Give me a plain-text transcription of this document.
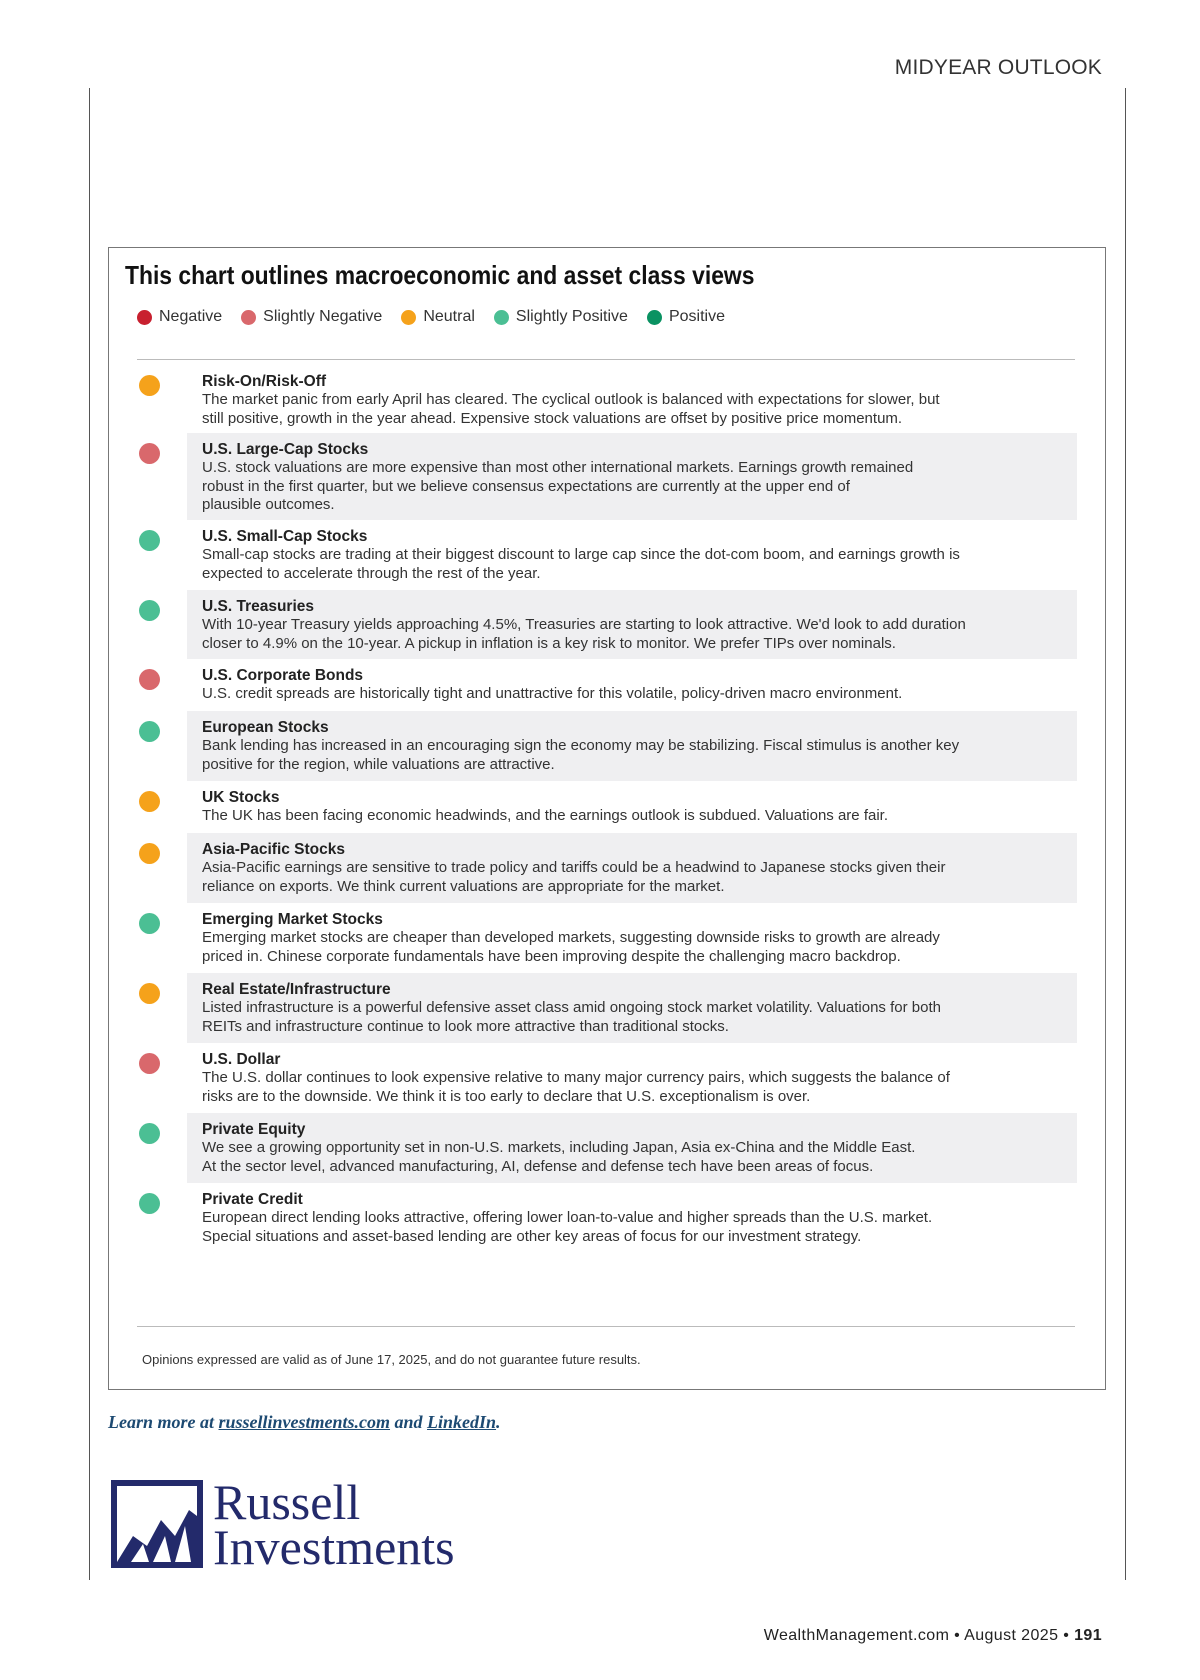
MIDYEAR OUTLOOK
This chart outlines macroeconomic and asset class views
Negative	Slightly Negative	Neutral	Slightly Positive	Positive
Risk-On/Risk-Off
The market panic from early April has cleared. The cyclical outlook is balanced with expectations for slower, but
still positive, growth in the year ahead. Expensive stock valuations are offset by positive price momentum.
U.S. Large-Cap Stocks
U.S. stock valuations are more expensive than most other international markets. Earnings growth remained
robust in the first quarter, but we believe consensus expectations are currently at the upper end of
plausible outcomes.
U.S. Small-Cap Stocks
Small-cap stocks are trading at their biggest discount to large cap since the dot-com boom, and earnings growth is
expected to accelerate through the rest of the year.
U.S. Treasuries
With 10-year Treasury yields approaching 4.5%, Treasuries are starting to look attractive. We'd look to add duration
closer to 4.9% on the 10-year. A pickup in inflation is a key risk to monitor. We prefer TIPs over nominals.
U.S. Corporate Bonds
U.S. credit spreads are historically tight and unattractive for this volatile, policy-driven macro environment.
European Stocks
Bank lending has increased in an encouraging sign the economy may be stabilizing. Fiscal stimulus is another key
positive for the region, while valuations are attractive.
UK Stocks
The UK has been facing economic headwinds, and the earnings outlook is subdued. Valuations are fair.
Asia-Pacific Stocks
Asia-Pacific earnings are sensitive to trade policy and tariffs could be a headwind to Japanese stocks given their
reliance on exports. We think current valuations are appropriate for the market.
Emerging Market Stocks
Emerging market stocks are cheaper than developed markets, suggesting downside risks to growth are already
priced in. Chinese corporate fundamentals have been improving despite the challenging macro backdrop.
Real Estate/Infrastructure
Listed infrastructure is a powerful defensive asset class amid ongoing stock market volatility. Valuations for both
REITs and infrastructure continue to look more attractive than traditional stocks.
U.S. Dollar
The U.S. dollar continues to look expensive relative to many major currency pairs, which suggests the balance of
risks are to the downside. We think it is too early to declare that U.S. exceptionalism is over.
Private Equity
We see a growing opportunity set in non-U.S. markets, including Japan, Asia ex-China and the Middle East.
At the sector level, advanced manufacturing, AI, defense and defense tech have been areas of focus.
Private Credit
European direct lending looks attractive, offering lower loan-to-value and higher spreads than the U.S. market.
Special situations and asset-based lending are other key areas of focus for our investment strategy.
Opinions expressed are valid as of June 17, 2025, and do not guarantee future results.
Learn more at russellinvestments.com and LinkedIn.
Russell
Investments
WealthManagement.com • August 2025 • 191
